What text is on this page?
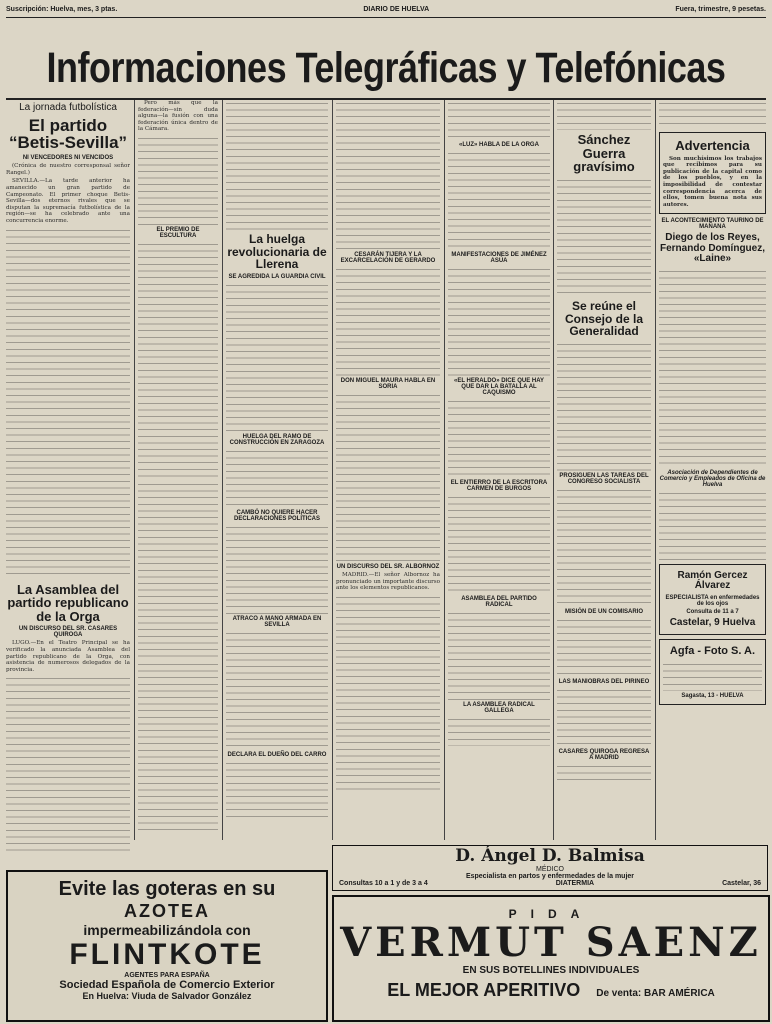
Suscripción: Huelva, mes, 3 ptas.	DIARIO DE HUELVA	Fuera, trimestre, 9 pesetas.
Informaciones Telegráficas y Telefónicas
La jornada futbolística
El partido “Betis-Sevilla”
NI VENCEDORES NI VENCIDOS

(Crónica de nuestro corresponsal señor Rangel.)

SEVILLA.—La tarde anterior ha amanecido un gran partido de Campeonato. El primer choque Betis-Sevilla—dos eternos rivales que se disputan la supremacía futbolística de la región—se ha celebrado ante una concurrencia enorme.

La Asamblea del partido republicano de la Orga
UN DISCURSO DEL SR. CASARES QUIROGA

LUGO.—En el Teatro Principal se ha verificado la anunciada Asamblea del partido republicano de la Orga, con asistencia de numerosos delegados de la provincia.

Pero más que la federación—sin duda alguna—la fusión con una federación única dentro de la Cámara.

EL PREMIO DE ESCULTURA	La huelga revolucionaria de Llerena
SE AGREDIDA LA GUARDIA CIVIL
HUELGA DEL RAMO DE CONSTRUCCIÓN EN ZARAGOZA
CAMBÓ NO QUIERE HACER DECLARACIONES POLÍTICAS
ATRACO A MANO ARMADA EN SEVILLA
DECLARA EL DUEÑO DEL CARRO
CESARÁN TIJERA Y LA EXCARCELACIÓN DE GERARDO
DON MIGUEL MAURA HABLA EN SORIA
UN DISCURSO DEL SR. ALBORNOZ

MADRID.—El señor Albornoz ha pronunciado un importante discurso ante los elementos republicanos.

«LUZ» HABLA DE LA ORGA
MANIFESTACIONES DE JIMÉNEZ ASÚA
«EL HERALDO» DICE QUE HAY QUE DAR LA BATALLA AL CAQUISMO
EL ENTIERRO DE LA ESCRITORA CARMEN DE BURGOS
ASAMBLEA DEL PARTIDO RADICAL
LA ASAMBLEA RADICAL GALLEGA
Sánchez Guerra gravísimo
Se reúne el Consejo de la Generalidad
PROSIGUEN LAS TAREAS DEL CONGRESO SOCIALISTA
MISIÓN DE UN COMISARIO
LAS MANIOBRAS DEL PIRINEO
CASARES QUIROGA REGRESA A MADRID
Advertencia

Son muchísimos los trabajos que recibimos para su publicación de la capital como de los pueblos, y en la imposibilidad de contestar correspondencia acerca de ellos, tomen buena nota sus autores.

EL ACONTECIMIENTO TAURINO DE MAÑANA
Diego de los Reyes, Fernando Domínguez, «Laine»
Asociación de Dependientes de Comercio y Empleados de Oficina de Huelva
Ramón Gercez Álvarez
ESPECIALISTA en enfermedades de los ojos
Consulta de 11 a 7
Castelar, 9 Huelva
Agfa - Foto S. A.
Sagasta, 13 - HUELVA
Evite las goteras en su
AZOTEA
impermeabilizándola con
FLINTKOTE
AGENTES PARA ESPAÑA
Sociedad Española de Comercio Exterior
En Huelva: Viuda de Salvador González
D. Ángel D. Balmisa
MÉDICO
Especialista en partos y enfermedades de la mujer
Consultas 10 a 1 y de 3 a 4	DIATERMIA	Castelar, 36
PIDA
VERMUT SAENZ
EN SUS BOTELLINES INDIVIDUALES
EL MEJOR APERITIVO De venta: BAR AMÉRICA
